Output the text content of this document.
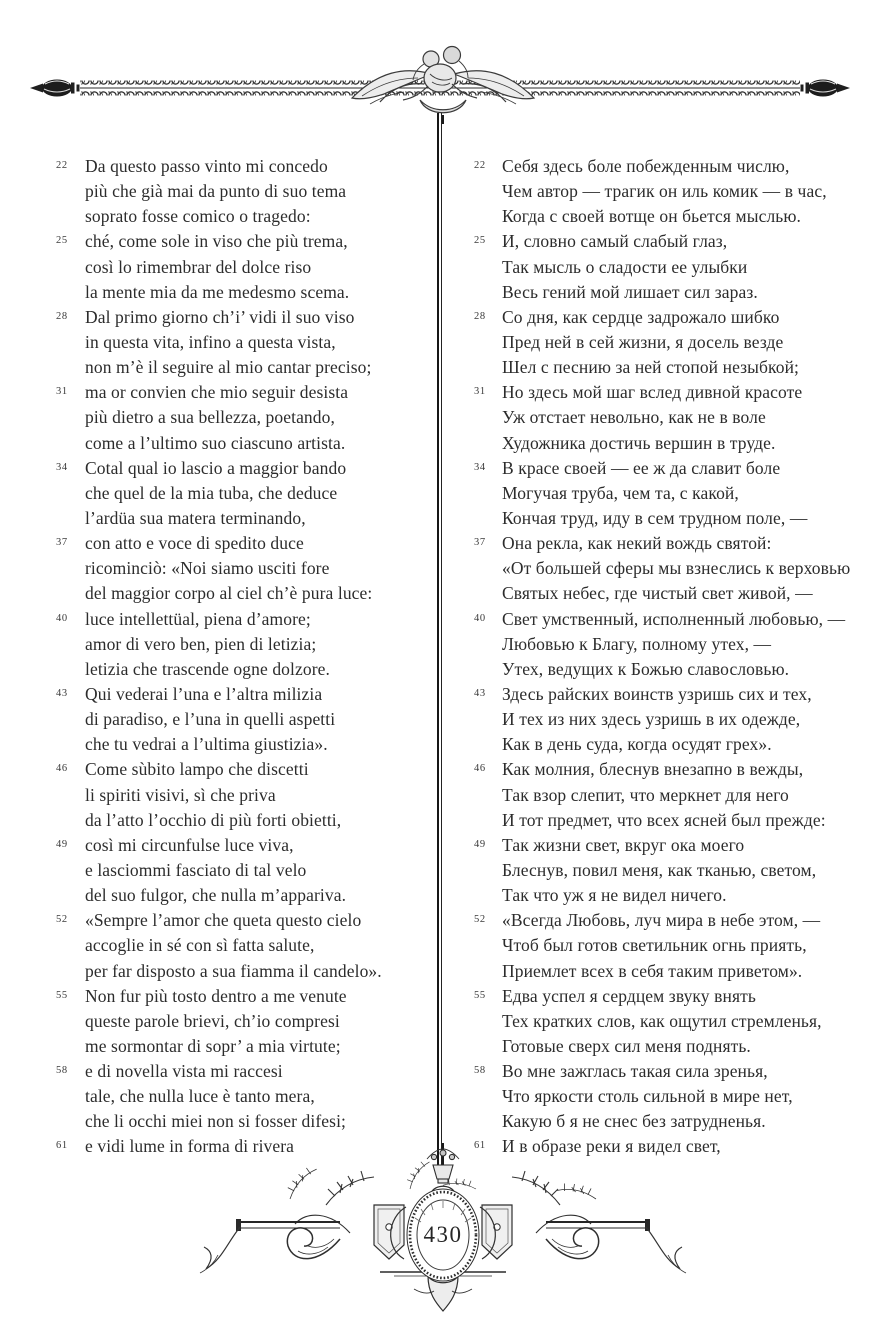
22 Da questo passo vinto mi concedo
più che già mai da punto di suo tema
soprato fosse comico o tragedo:
25 ché, come sole in viso che più trema,
così lo rimembrar del dolce riso
la mente mia da me medesmo scema.
28 Dal primo giorno ch’i’ vidi il suo viso
in questa vita, infino a questa vista,
non m’è il seguire al mio cantar preciso;
31 ma or convien che mio seguir desista
più dietro a sua bellezza, poetando,
come a l’ultimo suo ciascuno artista.
34 Cotal qual io lascio a maggior bando
che quel de la mia tuba, che deduce
l’ardüa sua matera terminando,
37 con atto e voce di spedito duce
ricominciò: «Noi siamo usciti fore
del maggior corpo al ciel ch’è pura luce:
40 luce intellettüal, piena d’amore;
amor di vero ben, pien di letizia;
letizia che trascende ogne dolzore.
43 Qui vederai l’una e l’altra milizia
di paradiso, e l’una in quelli aspetti
che tu vedrai a l’ultima giustizia».
46 Come sùbito lampo che discetti
li spiriti visivi, sì che priva
da l’atto l’occhio di più forti obietti,
49 così mi circunfulse luce viva,
e lasciommi fasciato di tal velo
del suo fulgor, che nulla m’appariva.
52 «Sempre l’amor che queta questo cielo
accoglie in sé con sì fatta salute,
per far disposto a sua fiamma il candelo».
55 Non fur più tosto dentro a me venute
queste parole brievi, ch’io compresi
me sormontar di sopr’ a mia virtute;
58 e di novella vista mi raccesi
tale, che nulla luce è tanto mera,
che li occhi miei non si fosser difesi;
61 e vidi lume in forma di rivera
22 Себя здесь боле побежденным числю,
Чем автор — трагик он иль комик — в час,
Когда с своей вотще он бьется мыслью.
25 И, словно самый слабый глаз,
Так мысль о сладости ее улыбки
Весь гений мой лишает сил зараз.
28 Со дня, как сердце задрожало шибко
Пред ней в сей жизни, я досель везде
Шел с песнию за ней стопой незыбкой;
31 Но здесь мой шаг вслед дивной красоте
Уж отстает невольно, как не в воле
Художника достичь вершин в труде.
34 В красе своей — ее ж да славит боле
Могучая труба, чем та, с какой,
Кончая труд, иду в сем трудном поле, —
37 Она рекла, как некий вождь святой:
«От большей сферы мы взнеслись к верховью
Святых небес, где чистый свет живой, —
40 Свет умственный, исполненный любовью, —
Любовью к Благу, полному утех, —
Утех, ведущих к Божью славословью.
43 Здесь райских воинств узришь сих и тех,
И тех из них здесь узришь в их одежде,
Как в день суда, когда осудят грех».
46 Как молния, блеснув внезапно в вежды,
Так взор слепит, что меркнет для него
И тот предмет, что всех ясней был прежде:
49 Так жизни свет, вкруг ока моего
Блеснув, повил меня, как тканью, светом,
Так что уж я не видел ничего.
52 «Всегда Любовь, луч мира в небе этом, —
Чтоб был готов светильник огнь приять,
Приемлет всех в себя таким приветом».
55 Едва успел я сердцем звуку внять
Тех кратких слов, как ощутил стремленья,
Готовые сверх сил меня поднять.
58 Во мне зажглась такая сила зренья,
Что яркости столь сильной в мире нет,
Какую б я не снес без затрудненья.
61 И в образе реки я видел свет,
430
